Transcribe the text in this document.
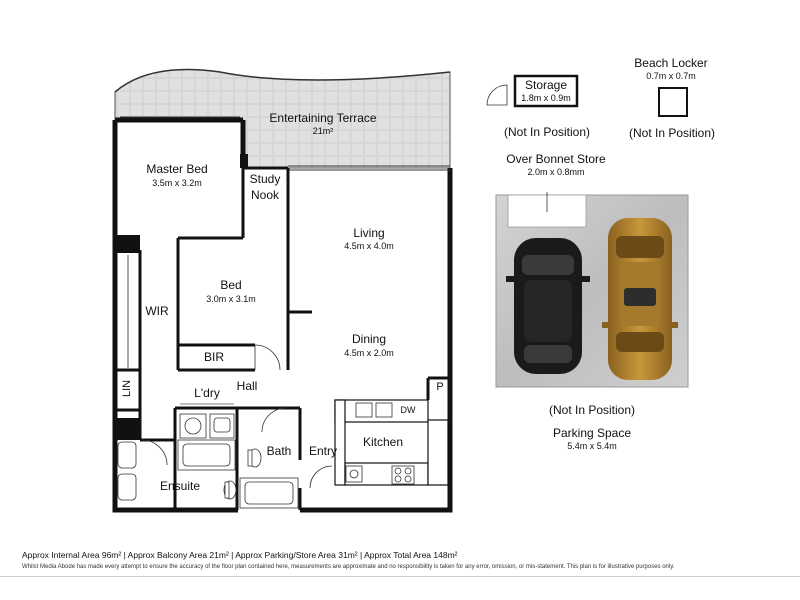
Entertaining Terrace
21m²
Master Bed
3.5m x 3.2m	Study
Nook
Living
4.5m x 4.0m
Bed
3.0m x 3.1m
WIR
BIR
Dining
4.5m x 2.0m
LIN	L'dry Hall	P
DW
Bath Entry
Kitchen
Ensuite
Storage
1.8m x 0.9m
(Not In Position)
Beach Locker
0.7m x 0.7m
(Not In Position)
Over Bonnet Store
2.0m x 0.8mm
(Not In Position)
Parking Space
5.4m x 5.4m
Approx Internal Area 96m² | Approx Balcony Area 21m² | Approx Parking/Store Area 31m² | Approx Total Area 148m²
Whilst Media Abode has made every attempt to ensure the accuracy of the floor plan contained here, measurements are approximate and no responsibility is taken for any error, omission, or mis-statement. This plan is for illustrative purposes only.
